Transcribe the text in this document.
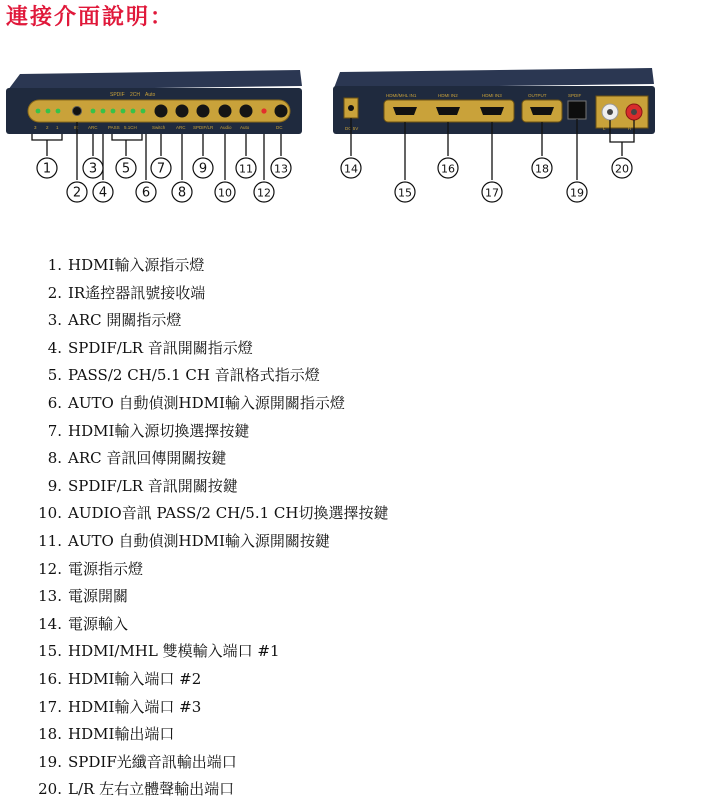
連接介面說明：
SPDIF 2CH Auto
3 2 1	IR ARC PASS 5.1CH	Switch ARC SPDIF/LR Audio Auto	DC	DC 5V
HDMI/MHL IN1	HDMI IN2	HDMI IN3	OUTPUT	SPDIF
L	R
1	3 5 7	9	11 13
2 4	6 8	10 12
14	16	18	20
15	17	19
1. HDMI輸入源指示燈
2. IR遙控器訊號接收端
3. ARC 開關指示燈
4. SPDIF/LR 音訊開關指示燈
5. PASS/2 CH/5.1 CH 音訊格式指示燈
6. AUTO 自動偵測HDMI輸入源開關指示燈
7. HDMI輸入源切換選擇按鍵
8. ARC 音訊回傳開關按鍵
9. SPDIF/LR 音訊開關按鍵
10. AUDIO音訊 PASS/2 CH/5.1 CH切換選擇按鍵
11. AUTO 自動偵測HDMI輸入源開關按鍵
12. 電源指示燈
13. 電源開關
14. 電源輸入
15. HDMI/MHL 雙模輸入端口 #1
16. HDMI輸入端口 #2
17. HDMI輸入端口 #3
18. HDMI輸出端口
19. SPDIF光纖音訊輸出端口
20. L/R 左右立體聲輸出端口
